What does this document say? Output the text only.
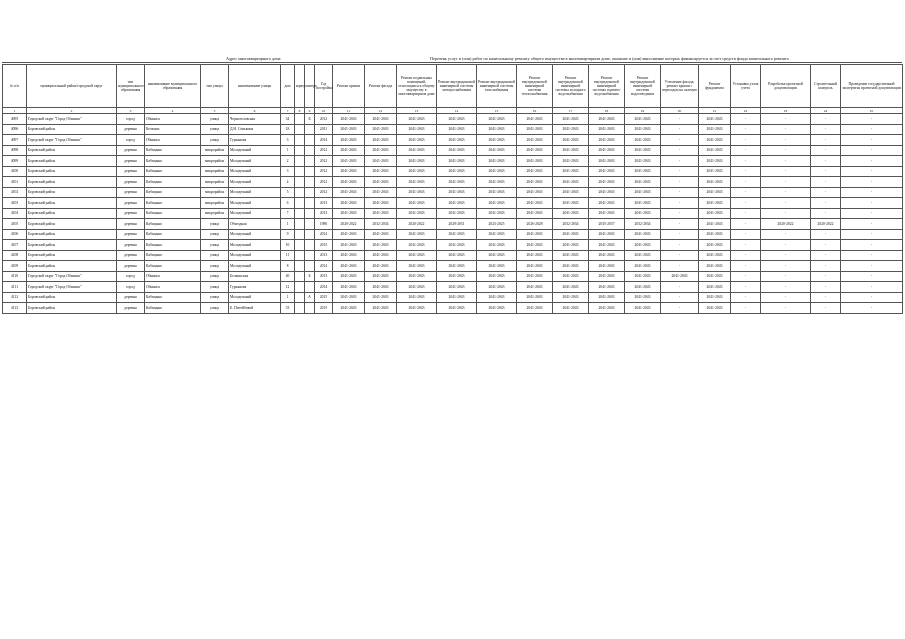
Адрес многоквартирного дома	Перечень услуг и (или) работ по капитальному ремонту общего имущества в многоквартирном доме, оказание и (или) выполнение которых финансируется за счет средств фонда капитального ремонта
№ п/п	муниципальный район/городской округ	тип муниципального образования	наименование муниципального образования	тип улицы	наименование улицы	дом	корпус	литера	Год постройки	Ремонт крыши	Ремонт фасада	Ремонт подвальных помещений, относящихся к общему имуществу в многоквартирном доме	Ремонт внутридомовой инженерной системы электроснабжения	Ремонт внутридомовой инженерной системы газоснабжения	Ремонт внутридомовой инженерной системы теплоснабжения	Ремонт внутридомовой инженерной системы холодного водоснабжения	Ремонт внутридомовой инженерной системы горячего водоснабжения	Ремонт внутридомовой инженерной системы водоотведения	Утепление фасада, ремонт крыши с переходом на скатную	Ремонт фундамента	Установка узлов учета	Разработка проектной документации	Строительный контроль	Проведение государственной экспертизы проектной документации
1	2	3	4	5	6	7	8	9	10	11	12	13	14	15	16	17	18	19	20	21	22	23	24	25
4095	Городской округ "Город Обнинск"	город	Обнинск	улица	Черноголовская	34		Б	2012	2041-2043	2041-2043	2041-2043	2041-2043	2041-2043	2041-2043	2041-2043	2041-2043	2041-2043	-	2041-2043	-	-	-	-
4096	Боровский район	деревня	Кочкино	улица	Д.Н. Сенькина	18			2011	2041-2043	2041-2043	2041-2043	2041-2043	2041-2043	2041-2043	2041-2043	2041-2043	2041-2043	-	2041-2043	-	-	-	-
4097	Городской округ "Город Обнинск"	город	Обнинск	улица	Гурьянова	3			2014	2041-2043	2041-2043	2041-2043	2041-2043	2041-2043	2041-2043	2041-2043	2041-2043	2041-2043	-	2041-2043	-	-	-	-
4098	Боровский район	деревня	Кабицыно	микрорайон	Молодежный	1			2012	2041-2043	2041-2043	2041-2043	2041-2043	2041-2043	2041-2043	2041-2043	2041-2043	2041-2043	-	2041-2043	-	-	-	-
4099	Боровский район	деревня	Кабицыно	микрорайон	Молодежный	2			2012	2041-2043	2041-2043	2041-2043	2041-2043	2041-2043	2041-2043	2041-2043	2041-2043	2041-2043	-	2041-2043	-	-	-	-
4100	Боровский район	деревня	Кабицыно	микрорайон	Молодежный	3			2012	2041-2043	2041-2043	2041-2043	2041-2043	2041-2043	2041-2043	2041-2043	2041-2043	2041-2043	-	2041-2043	-	-	-	-
4101	Боровский район	деревня	Кабицыно	микрорайон	Молодежный	4			2012	2041-2043	2041-2043	2041-2043	2041-2043	2041-2043	2041-2043	2041-2043	2041-2043	2041-2043	-	2041-2043	-	-	-	-
4102	Боровский район	деревня	Кабицыно	микрорайон	Молодежный	5			2012	2041-2043	2041-2043	2041-2043	2041-2043	2041-2043	2041-2043	2041-2043	2041-2043	2041-2043	-	2041-2043	-	-	-	-
4103	Боровский район	деревня	Кабицыно	микрорайон	Молодежный	6			2013	2041-2043	2041-2043	2041-2043	2041-2043	2041-2043	2041-2043	2041-2043	2041-2043	2041-2043	-	2041-2043	-	-	-	-
4104	Боровский район	деревня	Кабицыно	микрорайон	Молодежный	7			2013	2041-2043	2041-2043	2041-2043	2041-2043	2041-2043	2041-2043	2041-2043	2041-2043	2041-2043	-	2041-2043	-	-	-	-
4105	Боровский район	деревня	Кабицыно	улица	Объездная	1			1980	2020-2022	2032-2034	2020-2022	2029-2031	2023-2025	2026-2028	2032-2034	2035-2037	2032-2034	-	2041-2043	-	2020-2022	2020-2022	-
4106	Боровский район	деревня	Кабицыно	улица	Молодежный	9			2014	2041-2043	2041-2043	2041-2043	2041-2043	2041-2043	2041-2043	2041-2043	2041-2043	2041-2043	-	2041-2043	-	-	-	-
4107	Боровский район	деревня	Кабицыно	улица	Молодежный	10			2015	2041-2043	2041-2043	2041-2043	2041-2043	2041-2043	2041-2043	2041-2043	2041-2043	2041-2043	-	2041-2043	-	-	-	-
4108	Боровский район	деревня	Кабицыно	улица	Молодежный	11			2013	2041-2043	2041-2043	2041-2043	2041-2043	2041-2043	2041-2043	2041-2043	2041-2043	2041-2043	-	2041-2043	-	-	-	-
4109	Боровский район	деревня	Кабицыно	улица	Молодежный	8			2014	2041-2043	2041-2043	2041-2043	2041-2043	2041-2043	2041-2043	2041-2043	2041-2043	2041-2043	-	2041-2043	-	-	-	-
4110	Городской округ "Город Обнинск"	город	Обнинск	улица	Белкинская	40		Б	2013	2041-2043	2041-2043	2041-2043	2041-2043	2041-2043	2041-2043	2041-2043	2041-2043	2041-2043	2041-2043	2041-2043	-	-	-	-
4111	Городской округ "Город Обнинск"	город	Обнинск	улица	Гурьянова	12			2014	2041-2043	2041-2043	2041-2043	2041-2043	2041-2043	2041-2043	2041-2043	2041-2043	2041-2043	-	2041-2043	-	-	-	-
4112	Боровский район	деревня	Кабицыно	улица	Молодежный	1		А	2015	2041-2043	2041-2043	2041-2043	2041-2043	2041-2043	2041-2043	2041-2043	2041-2043	2041-2043	-	2041-2043	-	-	-	-
4113	Боровский район	деревня	Кабицыно	улица	Е. Питейбовой	53			2015	2041-2043	2041-2043	2041-2043	2041-2043	2041-2043	2041-2043	2041-2043	2041-2043	2041-2043	-	2041-2043	-	-	-	-
